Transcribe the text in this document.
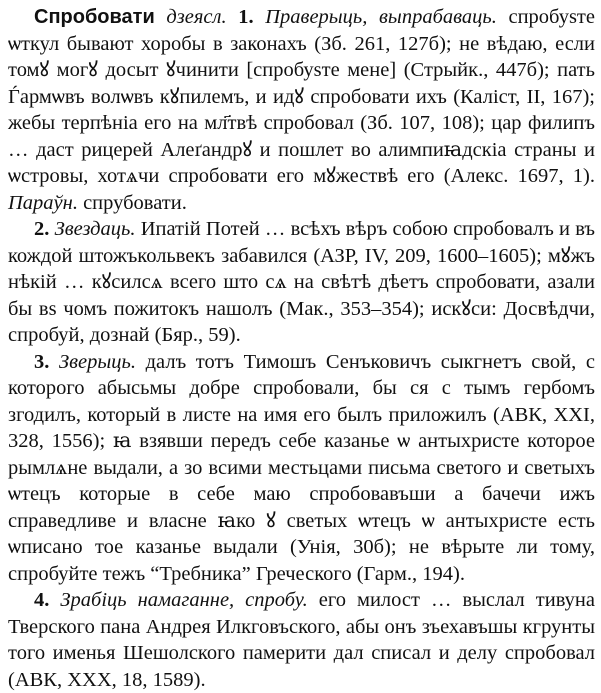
Спробовати дзеясл. 1. Праверыць, выпрабаваць. спробуsте ѡткул бывают хоробы в законахъ (Зб. 261, 127б); не вѣдаю, если томꙋ могꙋ досыт ꙋчинити [спробуsте мене] (Стрыйк., 447б); пать Ѓармѡвъ волѡвъ кꙋпилемъ, и идꙋ спробовати ихъ (Каліст, II, 167); жебы терпѣніа его на мл҃твѣ спробовал (Зб. 107, 108); цар филипъ … даст рицерей Алеґандрꙋ и пошлет во алимпиꙗдскіа страны и ѡстровы, хотѧчи спробовати его мꙋжествѣ его (Алекс. 1697, 1). Параўн. спрубовати.

2. Звездаць. Ипатій Потей … всѣхъ вѣръ собою спробовалъ и въ кождой штожъкольвекъ забавился (АЗР, IV, 209, 1600–1605); мꙋжъ нѣкій … кꙋсилсѧ всего што сѧ на свѣтѣ дѣетъ спробовати, азали бы вs чомъ пожитокъ нашолъ (Мак., 353–354); искꙋси: Досвѣдчи, спробуй, дознай (Бяр., 59).

3. Зверыць. далъ тотъ Тимошъ Сенъковичъ сыкгнетъ свой, с которого абысьмы добре спробовали, бы ся с тымъ гербомъ згодилъ, который в листе на имя его былъ приложилъ (АВК, XXI, 328, 1556); ꙗ взявши передъ себе казанье ѡ антыхристе которое рымлѧне выдали, а зо всими местьцами письма светого и светыхъ ѡтецъ которые в себе маю спробовавъши а бачечи ижъ справедливе и власне ꙗко ꙋ светых ѡтецъ ѡ антыхристе есть ѡписано тое казанье выдали (Унія, 30б); не вѣрыте ли тому, спробуйте тежъ “Требника” Греческого (Гарм., 194).

4. Зрабіць намаганне, спробу. его милост … выслал тивуна Тверского пана Андрея Илкговъского, абы онъ зъехавъшы кгрунты того именья Шешолского памерити дал списал и делу спробовал (АВК, XXX, 18, 1589).
